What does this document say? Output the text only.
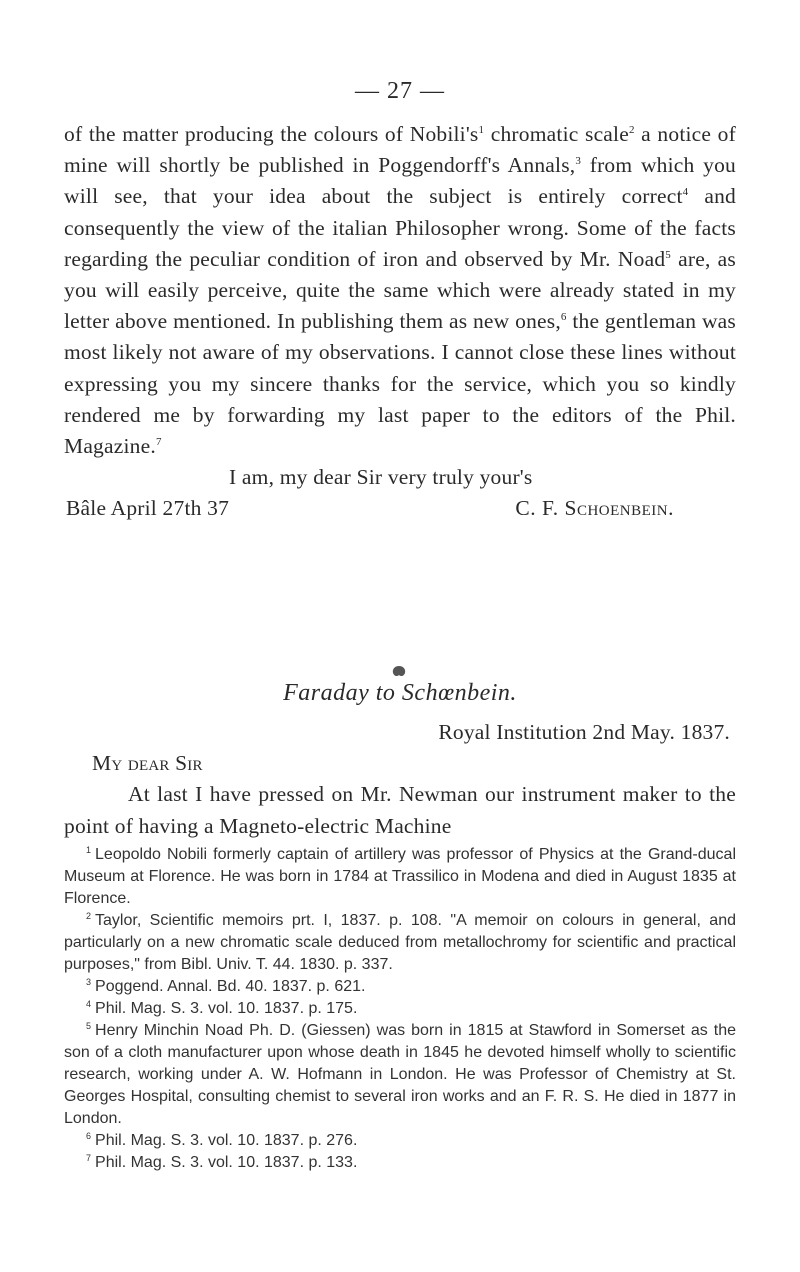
— 27 —

of the matter producing the colours of $Nobili's^1$ chromatic scale$^2$ a notice of mine will shortly be published in Poggendorff's Annals,$^3$ from which you will see, that your idea about the subject is entirely correct$^4$ and consequently the view of the italian Philosopher wrong. Some of the facts regarding the peculiar condition of iron and observed by Mr. Noad$^5$ are, as you will easily perceive, quite the same which were already stated in my letter above mentioned. In publishing them as new ones,$^6$ the gentleman was most likely not aware of my observations. I cannot close these lines without expressing you my sincere thanks for the service, which you so kindly rendered me by forwarding my last paper to the editors of the Phil. Magazine.$^7$

I am, my dear Sir very truly your's

Bâle April 27th 37	C. F. Schoenbein.
Faraday to Schœnbein.

Royal Institution 2nd May. 1837.

My dear Sir

At last I have pressed on Mr. Newman our instrument maker to the point of having a Magneto-electric Machine

$^1$ Leopoldo Nobili formerly captain of artillery was professor of Physics at the Grand-ducal Museum at Florence. He was born in 1784 at Trassilico in Modena and died in August 1835 at Florence.

$^2$ Taylor, Scientific memoirs prt. I, 1837. p. 108. "A memoir on colours in general, and particularly on a new chromatic scale deduced from metallochromy for scientific and practical purposes," from Bibl. Univ. T. 44. 1830. p. 337.

$^3$ Poggend. Annal. Bd. 40. 1837. p. 621.

$^4$ Phil. Mag. S. 3. vol. 10. 1837. p. 175.

$^5$ Henry Minchin Noad Ph. D. (Giessen) was born in 1815 at Stawford in Somerset as the son of a cloth manufacturer upon whose death in 1845 he devoted himself wholly to scientific research, working under A. W. Hofmann in London. He was Professor of Chemistry at St. Georges Hospital, consulting chemist to several iron works and an F. R. S. He died in 1877 in London.

$^6$ Phil. Mag. S. 3. vol. 10. 1837. p. 276.

$^7$ Phil. Mag. S. 3. vol. 10. 1837. p. 133.
